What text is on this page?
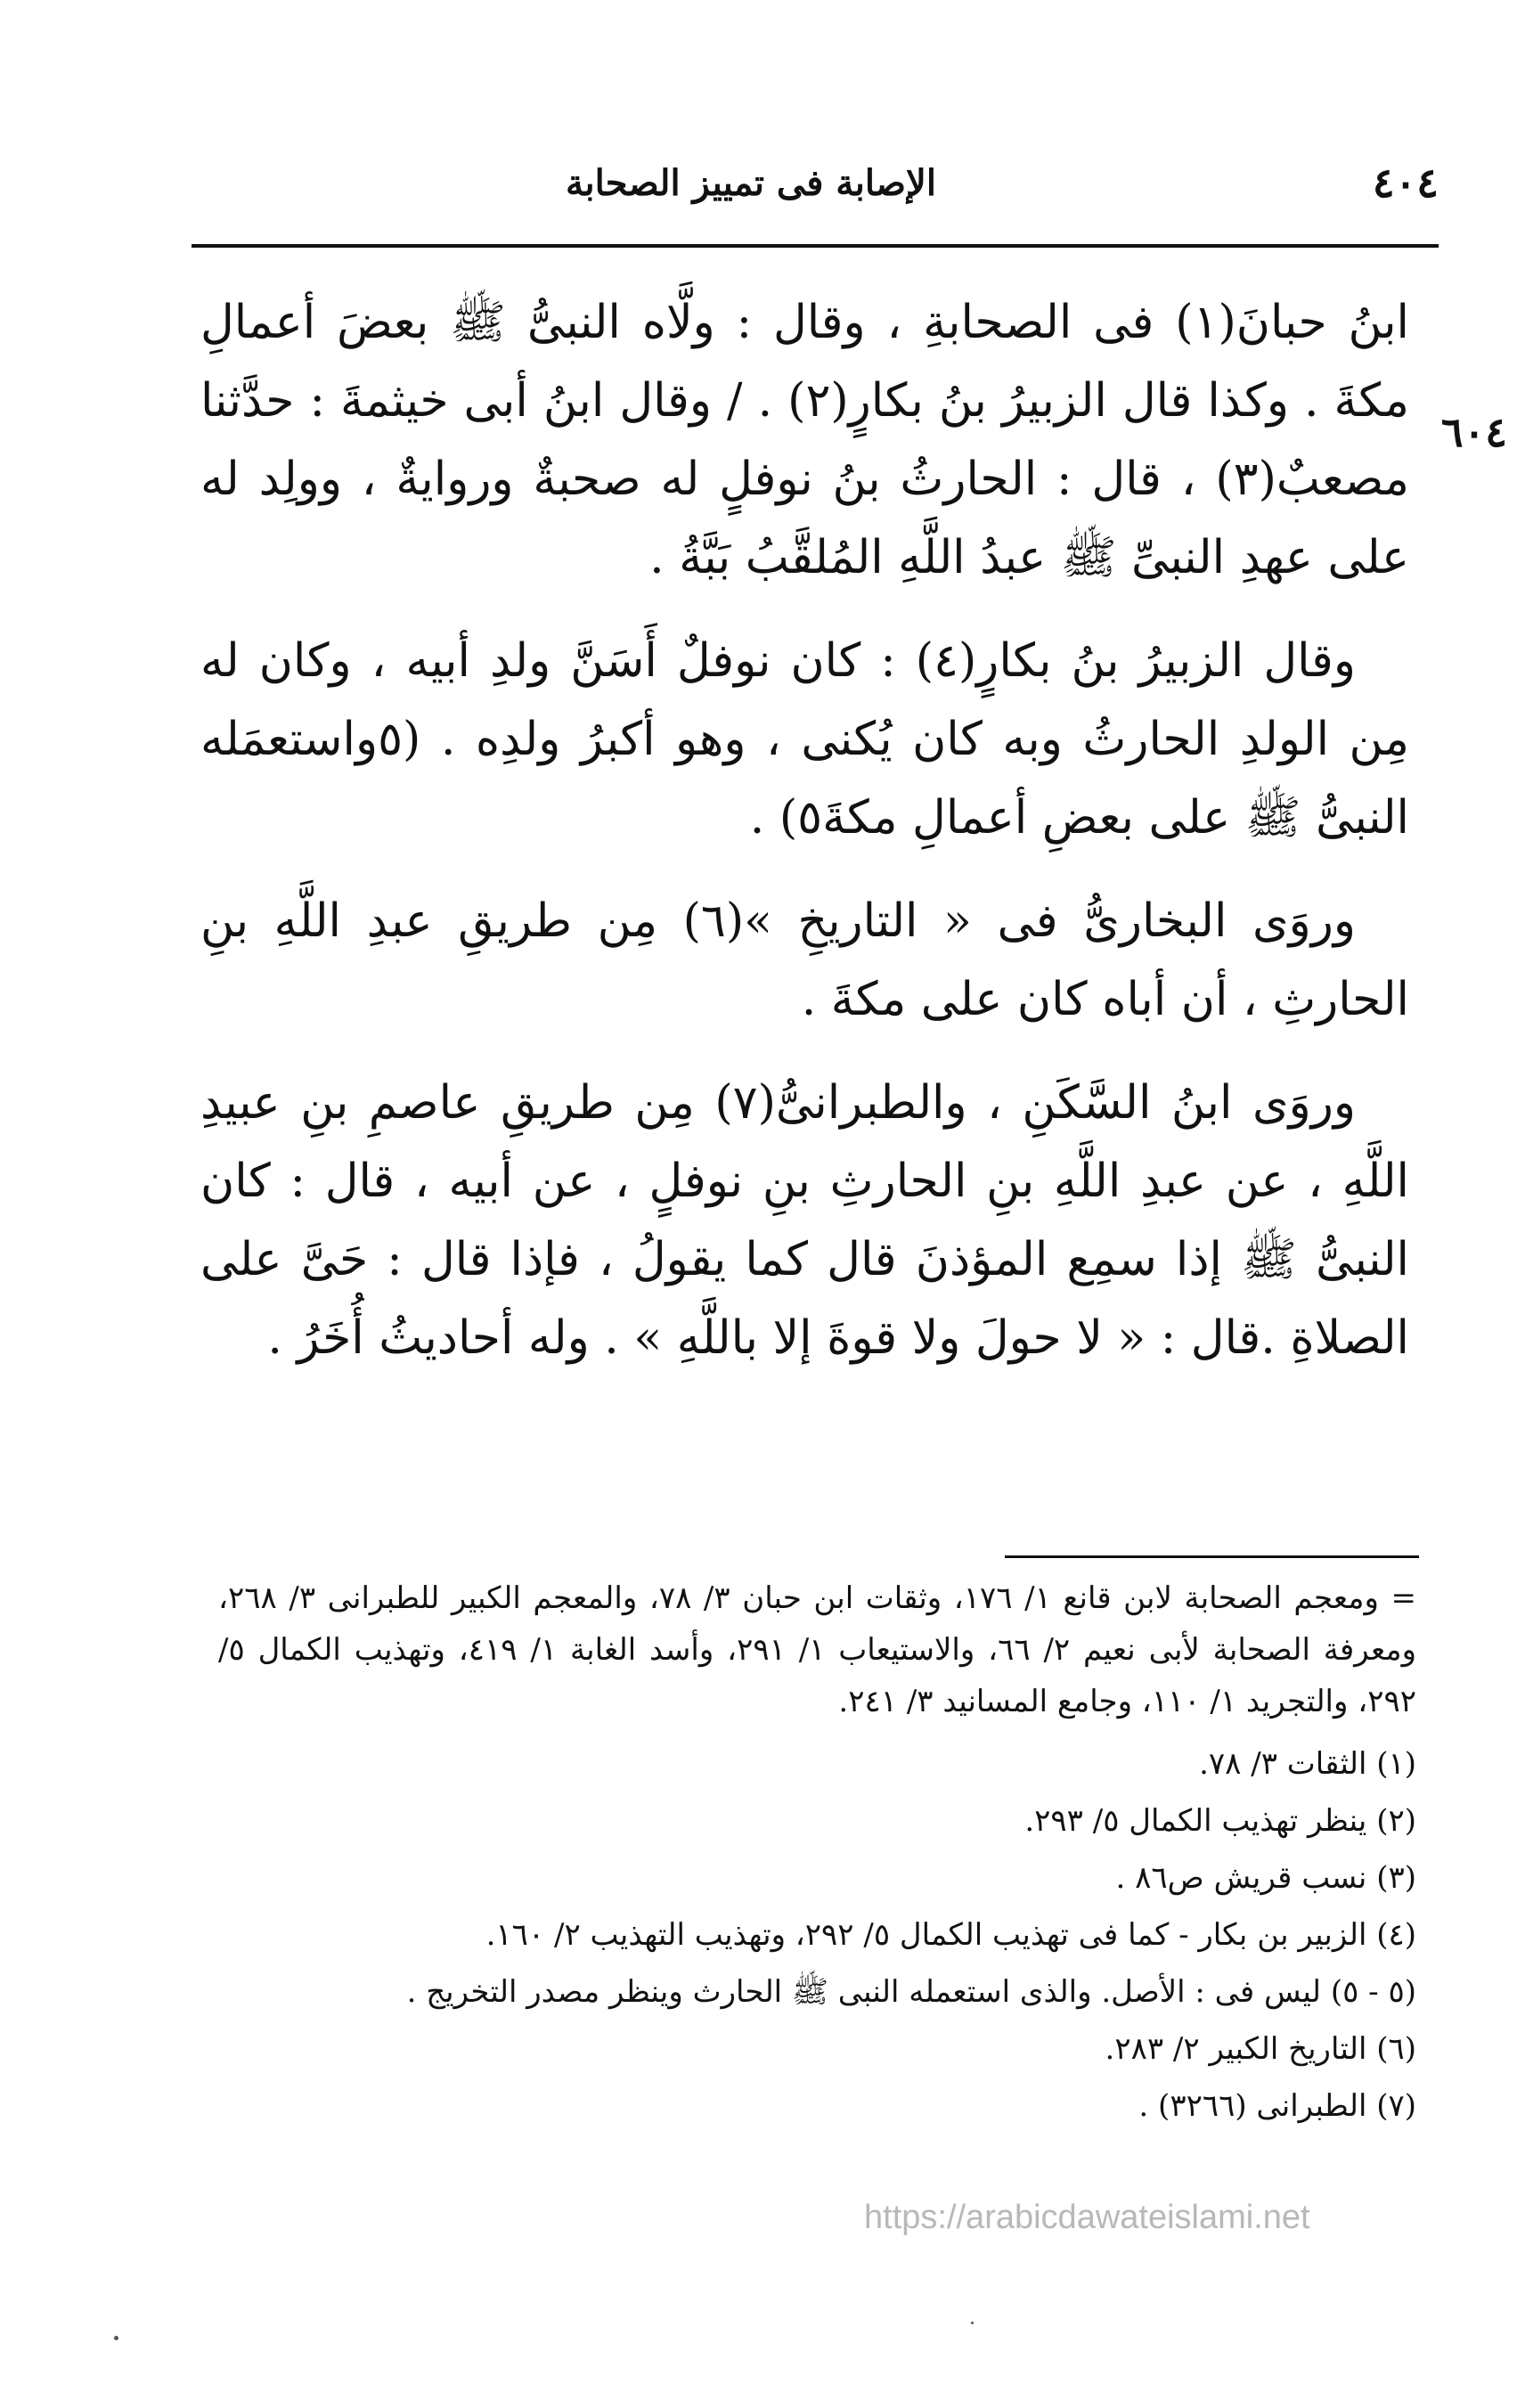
٤٠٤
الإصابة فى تمييز الصحابة
٦٠٤

ابنُ حبانَ(١) فى الصحابةِ ، وقال : ولَّاه النبىُّ ﷺ بعضَ أعمالِ مكةَ . وكذا قال الزبيرُ بنُ بكارٍ(٢) . / وقال ابنُ أبى خيثمةَ : حدَّثنا مصعبٌ(٣) ، قال : الحارثُ بنُ نوفلٍ له صحبةٌ وروايةٌ ، وولِد له على عهدِ النبىِّ ﷺ عبدُ اللَّهِ المُلقَّبُ بَبَّةُ .

وقال الزبيرُ بنُ بكارٍ(٤) : كان نوفلٌ أَسَنَّ ولدِ أبيه ، وكان له مِن الولدِ الحارثُ وبه كان يُكنى ، وهو أكبرُ ولدِه . (٥واستعمَله النبىُّ ﷺ على بعضِ أعمالِ مكةَ٥) .

وروَى البخارىُّ فى « التاريخِ »(٦) مِن طريقِ عبدِ اللَّهِ بنِ الحارثِ ، أن أباه كان على مكةَ .

وروَى ابنُ السَّكَنِ ، والطبرانىُّ(٧) مِن طريقِ عاصمِ بنِ عبيدِ اللَّهِ ، عن عبدِ اللَّهِ بنِ الحارثِ بنِ نوفلٍ ، عن أبيه ، قال : كان النبىُّ ﷺ إذا سمِع المؤذنَ قال كما يقولُ ، فإذا قال : حَىَّ على الصلاةِ .قال : « لا حولَ ولا قوةَ إلا باللَّهِ » . وله أحاديثُ أُخَرُ .

= ومعجم الصحابة لابن قانع ١/ ١٧٦، وثقات ابن حبان ٣/ ٧٨، والمعجم الكبير للطبرانى ٣/ ٢٦٨، ومعرفة الصحابة لأبى نعيم ٢/ ٦٦، والاستيعاب ١/ ٢٩١، وأسد الغابة ١/ ٤١٩، وتهذيب الكمال ٥/ ٢٩٢، والتجريد ١/ ١١٠، وجامع المسانيد ٣/ ٢٤١.

(١) الثقات ٣/ ٧٨.

(٢) ينظر تهذيب الكمال ٥/ ٢٩٣.

(٣) نسب قريش ص٨٦ .

(٤) الزبير بن بكار - كما فى تهذيب الكمال ٥/ ٢٩٢، وتهذيب التهذيب ٢/ ١٦٠.

(٥ - ٥) ليس فى : الأصل. والذى استعمله النبى ﷺ الحارث وينظر مصدر التخريج .

(٦) التاريخ الكبير ٢/ ٢٨٣.

(٧) الطبرانى (٣٢٦٦) .

https://arabicdawateislami.net
